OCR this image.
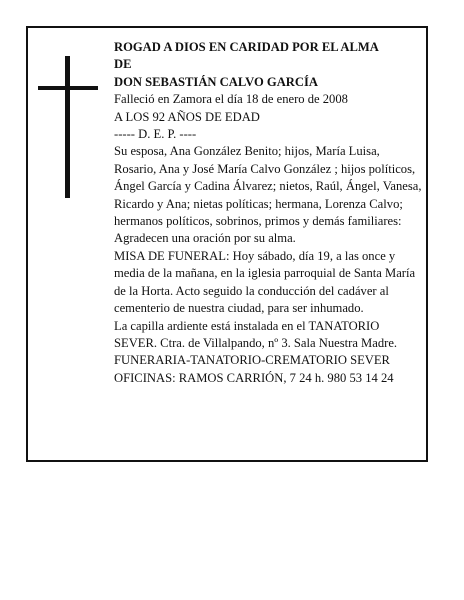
ROGAD A DIOS EN CARIDAD POR EL ALMA

DE

DON SEBASTIÁN CALVO GARCÍA

Falleció en Zamora el día 18 de enero de 2008

A LOS 92 AÑOS DE EDAD

----- D. E. P. ----

Su esposa, Ana González Benito; hijos, María Luisa, Rosario, Ana y José María Calvo González ; hijos políticos, Ángel García y Cadina Álvarez; nietos, Raúl, Ángel, Vanesa, Ricardo y Ana; nietas políticas; hermana, Lorenza Calvo; hermanos políticos, sobrinos, primos y demás familiares:

Agradecen una oración por su alma.

MISA DE FUNERAL: Hoy sábado, día 19, a las once y media de la mañana, en la iglesia parroquial de Santa María de la Horta. Acto seguido la conducción del cadáver al cementerio de nuestra ciudad, para ser inhumado.

La capilla ardiente está instalada en el TANATORIO SEVER. Ctra. de Villalpando, nº 3. Sala Nuestra Madre.

FUNERARIA-TANATORIO-CREMATORIO SEVER

OFICINAS: RAMOS CARRIÓN, 7 24 h. 980 53 14 24
